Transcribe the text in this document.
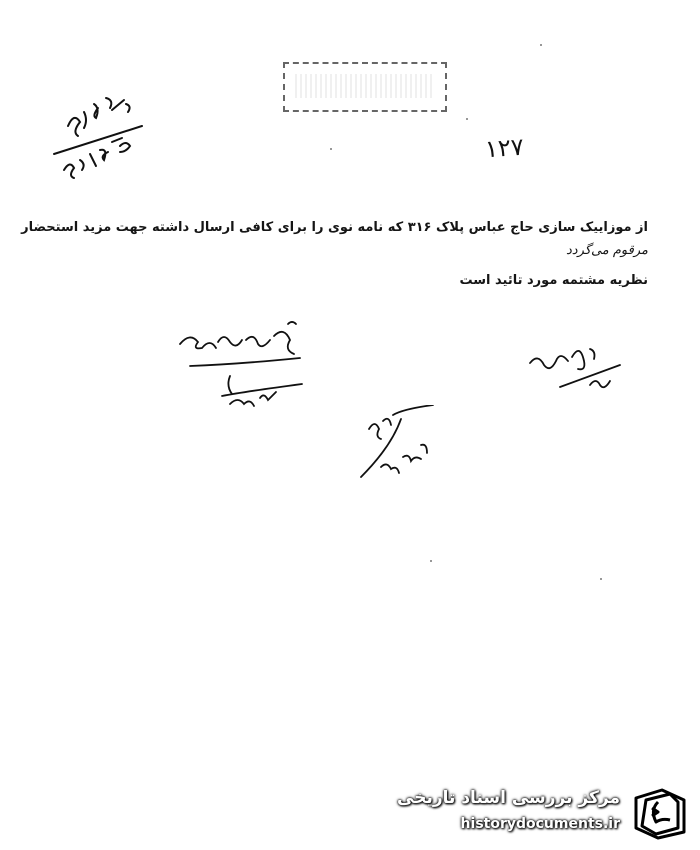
۱۲۷
از موزاییک سازی حاج عباس پلاک ۳۱۶ که نامه نوی را برای کافی ارسال داشته جهت مزید استحضار
مرقوم می‌گردد
نظریه مشتمه مورد تائید است
مرکز بررسی اسناد تاریخی
historydocuments.ir
